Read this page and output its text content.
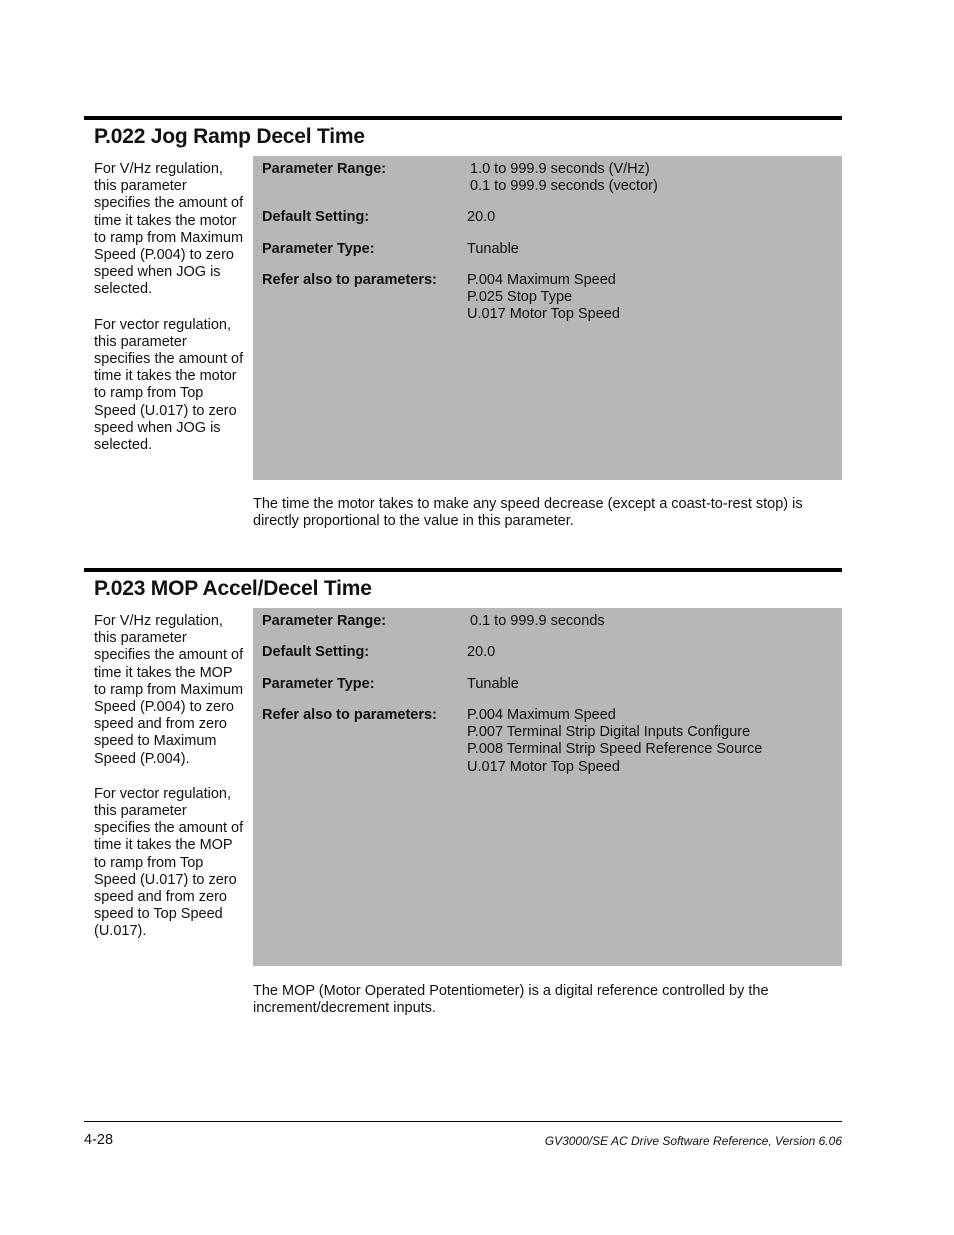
P.022 Jog Ramp Decel Time

For V/Hz regulation, this parameter specifies the amount of time it takes the motor to ramp from Maximum Speed (P.004) to zero speed when JOG is selected.

For vector regulation, this parameter specifies the amount of time it takes the motor to ramp from Top Speed (U.017) to zero speed when JOG is selected.

Parameter Range:	1.0 to 999.9 seconds (V/Hz)
0.1 to 999.9 seconds (vector)
Default Setting:	20.0
Parameter Type:	Tunable
Refer also to parameters: P.004 Maximum Speed
P.025 Stop Type
U.017 Motor Top Speed
The time the motor takes to make any speed decrease (except a coast-to-rest stop) is directly proportional to the value in this parameter.
P.023 MOP Accel/Decel Time

For V/Hz regulation, this parameter specifies the amount of time it takes the MOP to ramp from Maximum Speed (P.004) to zero speed and from zero speed to Maximum Speed (P.004).

For vector regulation, this parameter specifies the amount of time it takes the MOP to ramp from Top Speed (U.017) to zero speed and from zero speed to Top Speed (U.017).

Parameter Range:	0.1 to 999.9 seconds
Default Setting:	20.0
Parameter Type:	Tunable
Refer also to parameters: P.004 Maximum Speed
P.007 Terminal Strip Digital Inputs Configure
P.008 Terminal Strip Speed Reference Source
U.017 Motor Top Speed
The MOP (Motor Operated Potentiometer) is a digital reference controlled by the increment/decrement inputs.
4-28	GV3000/SE AC Drive Software Reference, Version 6.06
